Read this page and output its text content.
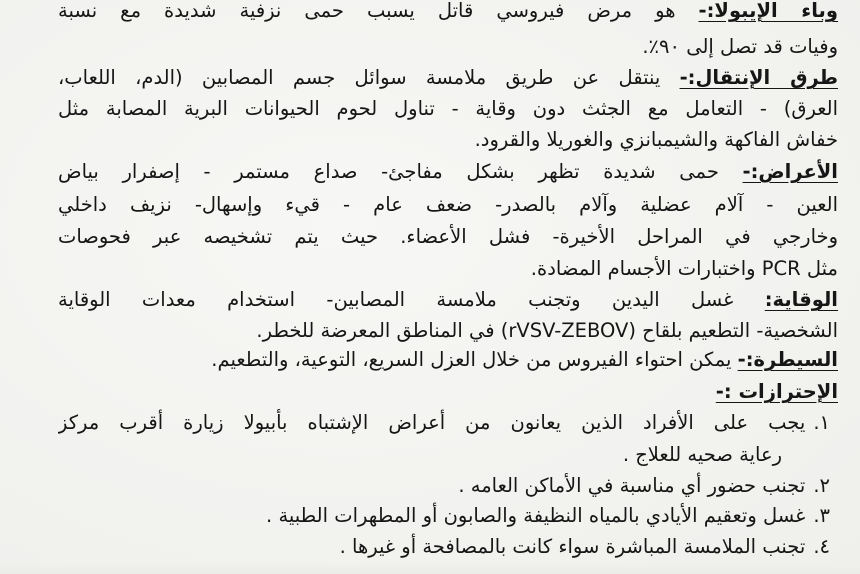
وباء الإيبولا:- هو مرض فيروسي قاتل يسبب حمى نزفية شديدة مع نسبة
وفيات قد تصل إلى ٩٠٪.
طرق الإنتقال:- ينتقل عن طريق ملامسة سوائل جسم المصابين (الدم، اللعاب،
العرق) - التعامل مع الجثث دون وقاية - تناول لحوم الحيوانات البرية المصابة مثل
خفاش الفاكهة والشيمبانزي والغوريلا والقرود.
الأعراض:- حمى شديدة تظهر بشكل مفاجئ- صداع مستمر - إصفرار بياض
العين - آلام عضلية وآلام بالصدر- ضعف عام - قيء وإسهال- نزيف داخلي
وخارجي في المراحل الأخيرة- فشل الأعضاء. حيث يتم تشخيصه عبر فحوصات
مثل PCR واختبارات الأجسام المضادة.
الوقاية: غسل اليدين وتجنب ملامسة المصابين- استخدام معدات الوقاية
الشخصية- التطعيم بلقاح (rVSV-ZEBOV) في المناطق المعرضة للخطر.
السيطرة:- يمكن احتواء الفيروس من خلال العزل السريع، التوعية، والتطعيم.
الإحترازات :-
١.يجب على الأفراد الذين يعانون من أعراض الإشتباه بأبيولا زيارة أقرب مركز
رعاية صحيه للعلاج .
٢.تجنب حضور أي مناسبة في الأماكن العامه .
٣.غسل وتعقيم الأيادي بالمياه النظيفة والصابون أو المطهرات الطبية .
٤.تجنب الملامسة المباشرة سواء كانت بالمصافحة أو غيرها .
